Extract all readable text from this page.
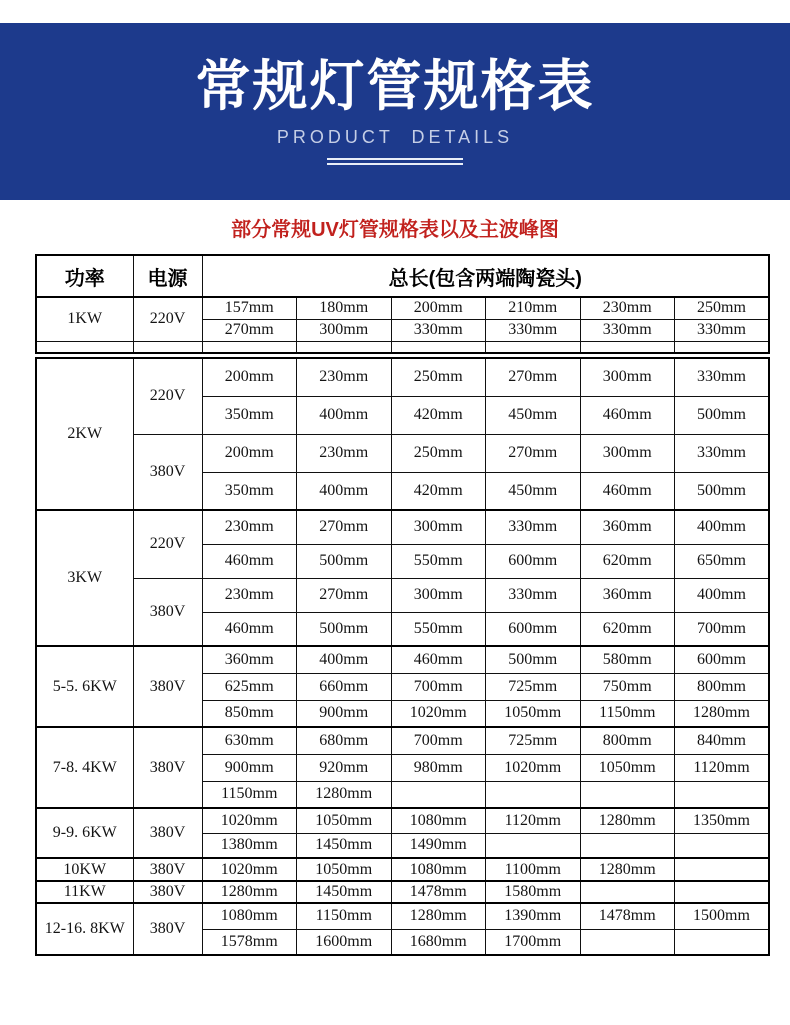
常规灯管规格表
PRODUCT DETAILS
部分常规UV灯管规格表以及主波峰图
功率	电源	总长(包含两端陶瓷头)					
1KW	220V	157mm	180mm	200mm	210mm	230mm	250mm
		270mm	300mm	330mm	330mm	330mm	330mm

2KW	220V	200mm	230mm	250mm	270mm	300mm	330mm
		350mm	400mm	420mm	450mm	460mm	500mm
	380V	200mm	230mm	250mm	270mm	300mm	330mm
		350mm	400mm	420mm	450mm	460mm	500mm
3KW	220V	230mm	270mm	300mm	330mm	360mm	400mm
		460mm	500mm	550mm	600mm	620mm	650mm
	380V	230mm	270mm	300mm	330mm	360mm	400mm
		460mm	500mm	550mm	600mm	620mm	700mm
5-5. 6KW	380V	360mm	400mm	460mm	500mm	580mm	600mm
		625mm	660mm	700mm	725mm	750mm	800mm
		850mm	900mm	1020mm	1050mm	1150mm	1280mm
7-8. 4KW	380V	630mm	680mm	700mm	725mm	800mm	840mm
		900mm	920mm	980mm	1020mm	1050mm	1120mm
		1150mm	1280mm				
9-9. 6KW	380V	1020mm	1050mm	1080mm	1120mm	1280mm	1350mm
		1380mm	1450mm	1490mm			
10KW	380V	1020mm	1050mm	1080mm	1100mm	1280mm	
11KW	380V	1280mm	1450mm	1478mm	1580mm		
12-16. 8KW	380V	1080mm	1150mm	1280mm	1390mm	1478mm	1500mm
		1578mm	1600mm	1680mm	1700mm		
